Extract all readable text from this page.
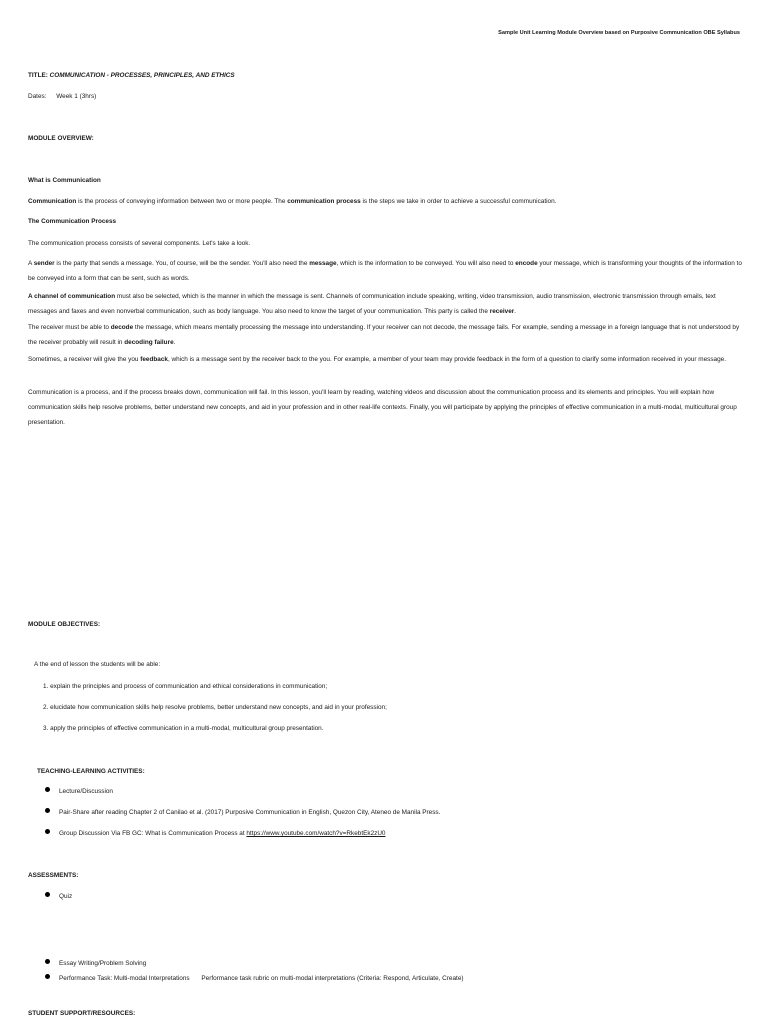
Sample Unit Learning Module Overview based on Purposive Communication OBE Syllabus
TITLE: COMMUNICATION - PROCESSES, PRINCIPLES, AND ETHICS
Dates: Week 1 (3hrs)
MODULE OVERVIEW:
What is Communication

Communication is the process of conveying information between two or more people. The communication process is the steps we take in order to achieve a successful communication.

The Communication Process

The communication process consists of several components. Let's take a look.

A sender is the party that sends a message. You, of course, will be the sender. You'll also need the message, which is the information to be conveyed. You will also need to encode your message, which is transforming your thoughts of the information to be conveyed into a form that can be sent, such as words.

A channel of communication must also be selected, which is the manner in which the message is sent. Channels of communication include speaking, writing, video transmission, audio transmission, electronic transmission through emails, text messages and faxes and even nonverbal communication, such as body language. You also need to know the target of your communication. This party is called the receiver.

The receiver must be able to decode the message, which means mentally processing the message into understanding. If your receiver can not decode, the message fails. For example, sending a message in a foreign language that is not understood by the receiver probably will result in decoding failure.

Sometimes, a receiver will give the you feedback, which is a message sent by the receiver back to the you. For example, a member of your team may provide feedback in the form of a question to clarify some information received in your message.

Communication is a process, and if the process breaks down, communication will fail. In this lesson, you'll learn by reading, watching videos and discussion about the communication process and its elements and principles. You will explain how communication skills help resolve problems, better understand new concepts, and aid in your profession and in other real-life contexts. Finally, you will participate by applying the principles of effective communication in a multi-modal, multicultural group presentation.

MODULE OBJECTIVES:
A the end of lesson the students will be able:
1. explain the principles and process of communication and ethical considerations in communication;
2. elucidate how communication skills help resolve problems, better understand new concepts, and aid in your profession;
3. apply the principles of effective communication in a multi-modal, multicultural group presentation.
TEACHING-LEARNING ACTIVITIES:
Lecture/Discussion
Pair-Share after reading Chapter 2 of Canilao et al. (2017) Purposive Communication in English, Quezon City, Ateneo de Manila Press.
Group Discussion Via FB GC: What is Communication Process at https://www.youtube.com/watch?v=RkebtEk2zU0
ASSESSMENTS:
Quiz
Essay Writing/Problem Solving
Performance Task: Multi-modal Interpretations Performance task rubric on multi-modal interpretations (Criteria: Respond, Articulate, Create)
STUDENT SUPPORT/RESOURCES:
